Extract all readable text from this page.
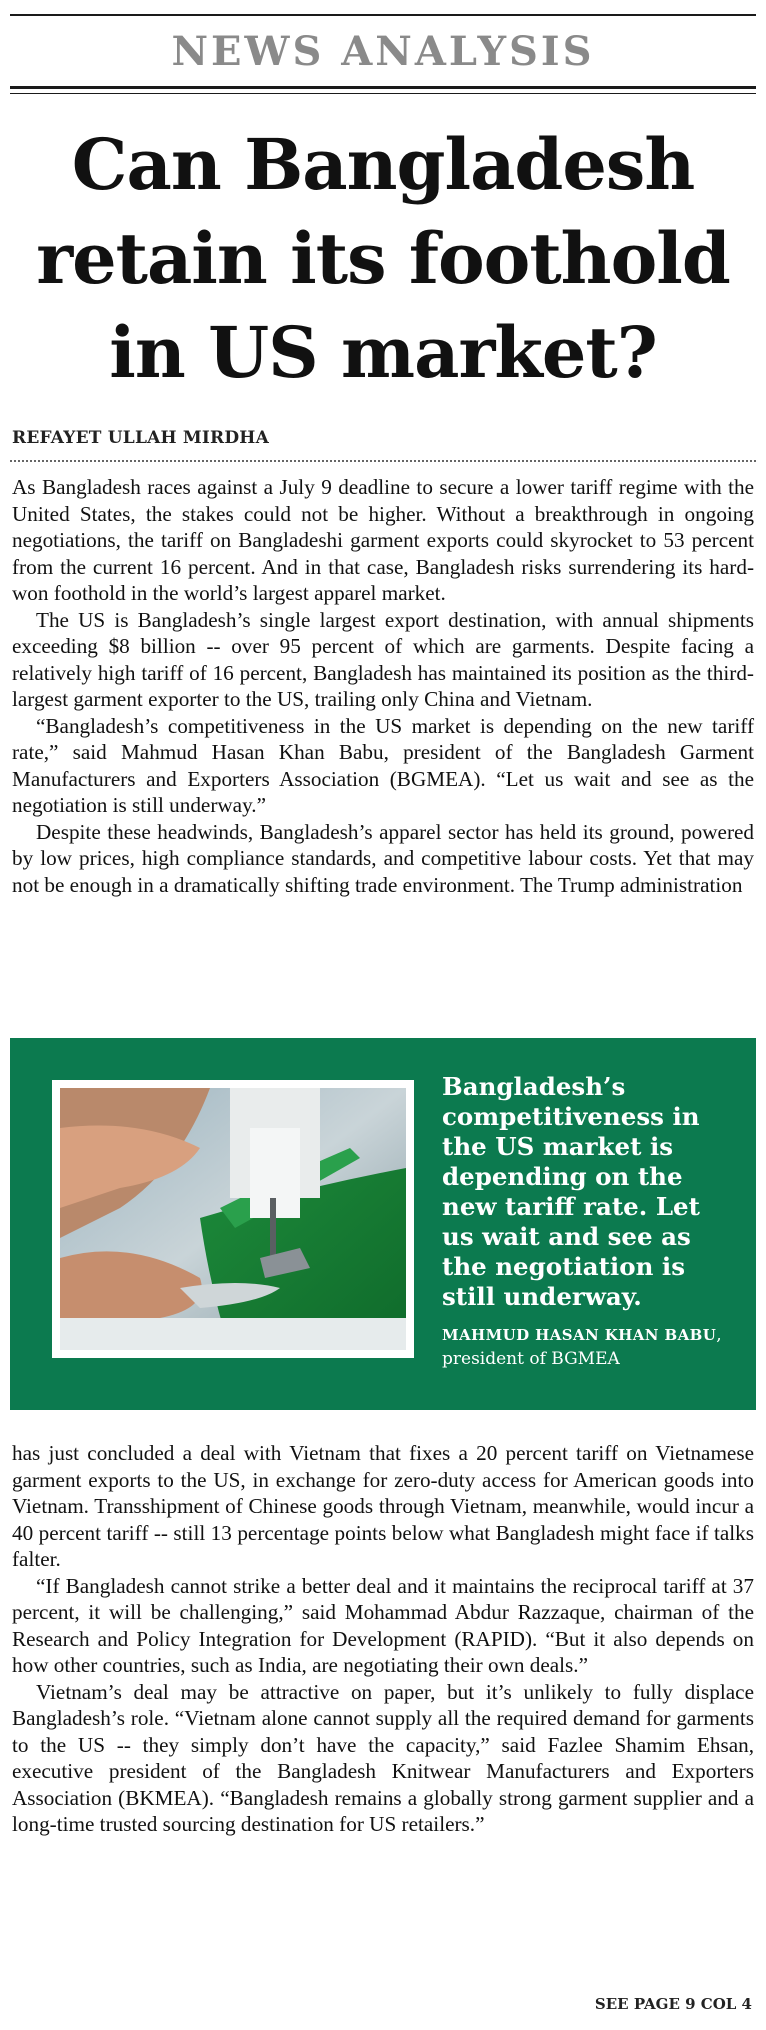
NEWS ANALYSIS
Can Bangladesh
retain its foothold
in US market?
REFAYET ULLAH MIRDHA

As Bangladesh races against a July 9 deadline to secure a lower tariff regime with the United States, the stakes could not be higher. Without a breakthrough in ongoing negotiations, the tariff on Bangladeshi garment exports could skyrocket to 53 percent from the current 16 percent. And in that case, Bangladesh risks surrendering its hard-won foothold in the world’s largest apparel market.

The US is Bangladesh’s single largest export destination, with annual shipments exceeding $8 billion -- over 95 percent of which are garments. Despite facing a relatively high tariff of 16 percent, Bangladesh has maintained its position as the third-largest garment exporter to the US, trailing only China and Vietnam.

“Bangladesh’s competitiveness in the US market is depending on the new tariff rate,” said Mahmud Hasan Khan Babu, president of the Bangladesh Garment Manufacturers and Exporters Association (BGMEA). “Let us wait and see as the negotiation is still underway.”

Despite these headwinds, Bangladesh’s apparel sector has held its ground, powered by low prices, high compliance standards, and competitive labour costs. Yet that may not be enough in a dramatically shifting trade environment. The Trump administration

Bangladesh’s competitiveness in the US market is depending on the new tariff rate. Let us wait and see as the negotiation is still underway.
MAHMUD HASAN KHAN BABU, president of BGMEA

has just concluded a deal with Vietnam that fixes a 20 percent tariff on Vietnamese garment exports to the US, in exchange for zero-duty access for American goods into Vietnam. Transshipment of Chinese goods through Vietnam, meanwhile, would incur a 40 percent tariff -- still 13 percentage points below what Bangladesh might face if talks falter.

“If Bangladesh cannot strike a better deal and it maintains the reciprocal tariff at 37 percent, it will be challenging,” said Mohammad Abdur Razzaque, chairman of the Research and Policy Integration for Development (RAPID). “But it also depends on how other countries, such as India, are negotiating their own deals.”

Vietnam’s deal may be attractive on paper, but it’s unlikely to fully displace Bangladesh’s role. “Vietnam alone cannot supply all the required demand for garments to the US -- they simply don’t have the capacity,” said Fazlee Shamim Ehsan, executive president of the Bangladesh Knitwear Manufacturers and Exporters Association (BKMEA). “Bangladesh remains a globally strong garment supplier and a long-time trusted sourcing destination for US retailers.”

SEE PAGE 9 COL 4
